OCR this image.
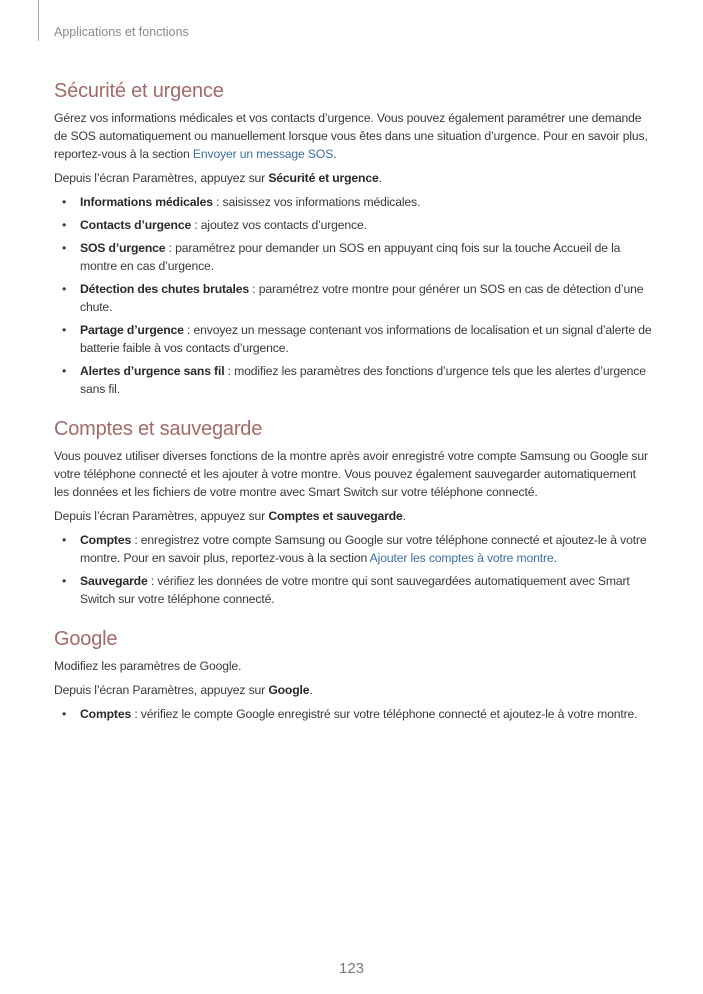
Applications et fonctions
Sécurité et urgence

Gérez vos informations médicales et vos contacts d’urgence. Vous pouvez également paramétrer une demande de SOS automatiquement ou manuellement lorsque vous êtes dans une situation d’urgence. Pour en savoir plus, reportez-vous à la section Envoyer un message SOS.

Depuis l’écran Paramètres, appuyez sur Sécurité et urgence.

• Informations médicales : saisissez vos informations médicales.
• Contacts d’urgence : ajoutez vos contacts d’urgence.
• SOS d’urgence : paramétrez pour demander un SOS en appuyant cinq fois sur la touche Accueil de la montre en cas d’urgence.
• Détection des chutes brutales : paramétrez votre montre pour générer un SOS en cas de détection d’une chute.
• Partage d’urgence : envoyez un message contenant vos informations de localisation et un signal d’alerte de batterie faible à vos contacts d’urgence.
• Alertes d’urgence sans fil : modifiez les paramètres des fonctions d’urgence tels que les alertes d’urgence sans fil.
Comptes et sauvegarde

Vous pouvez utiliser diverses fonctions de la montre après avoir enregistré votre compte Samsung ou Google sur votre téléphone connecté et les ajouter à votre montre. Vous pouvez également sauvegarder automatiquement les données et les fichiers de votre montre avec Smart Switch sur votre téléphone connecté.

Depuis l’écran Paramètres, appuyez sur Comptes et sauvegarde.

• Comptes : enregistrez votre compte Samsung ou Google sur votre téléphone connecté et ajoutez-le à votre montre. Pour en savoir plus, reportez-vous à la section Ajouter les comptes à votre montre.
• Sauvegarde : vérifiez les données de votre montre qui sont sauvegardées automatiquement avec Smart Switch sur votre téléphone connecté.
Google

Modifiez les paramètres de Google.

Depuis l’écran Paramètres, appuyez sur Google.

• Comptes : vérifiez le compte Google enregistré sur votre téléphone connecté et ajoutez-le à votre montre.
123
